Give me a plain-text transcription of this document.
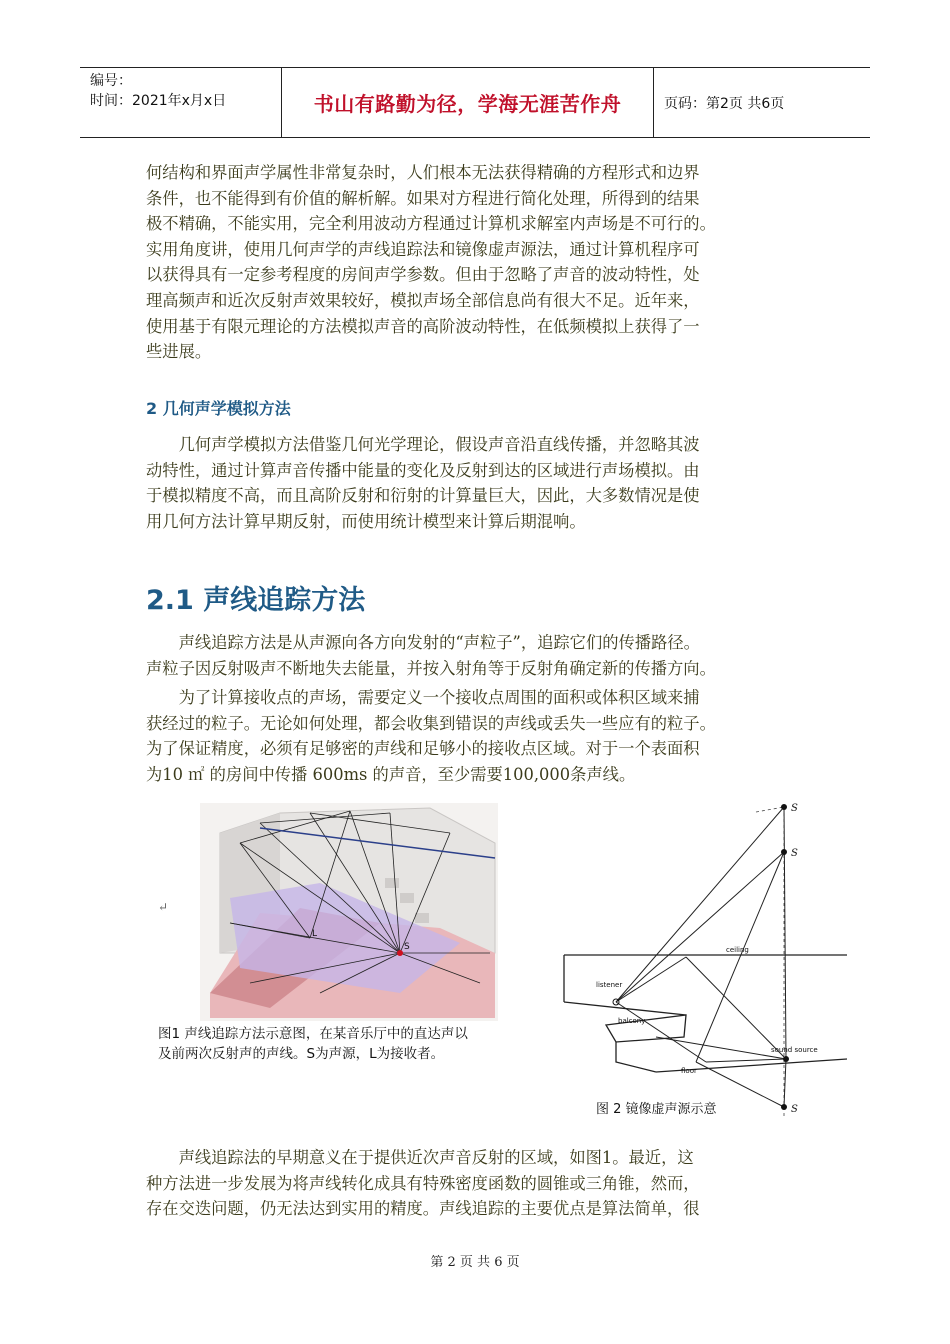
编号：
时间：2021年x月x日	书山有路勤为径，学海无涯苦作舟	页码：第2页 共6页

何结构和界面声学属性非常复杂时，人们根本无法获得精确的方程形式和边界

条件，也不能得到有价值的解析解。如果对方程进行简化处理，所得到的结果

极不精确，不能实用，完全利用波动方程通过计算机求解室内声场是不可行的。

实用角度讲，使用几何声学的声线追踪法和镜像虚声源法，通过计算机程序可

以获得具有一定参考程度的房间声学参数。但由于忽略了声音的波动特性，处

理高频声和近次反射声效果较好，模拟声场全部信息尚有很大不足。近年来，

使用基于有限元理论的方法模拟声音的高阶波动特性，在低频模拟上获得了一

些进展。

2 几何声学模拟方法

　　几何声学模拟方法借鉴几何光学理论，假设声音沿直线传播，并忽略其波

动特性，通过计算声音传播中能量的变化及反射到达的区域进行声场模拟。由

于模拟精度不高，而且高阶反射和衍射的计算量巨大，因此，大多数情况是使

用几何方法计算早期反射，而使用统计模型来计算后期混响。

2.1 声线追踪方法

　　声线追踪方法是从声源向各方向发射的“声粒子”，追踪它们的传播路径。

声粒子因反射吸声不断地失去能量，并按入射角等于反射角确定新的传播方向。

　　为了计算接收点的声场，需要定义一个接收点周围的面积或体积区域来捕

获经过的粒子。无论如何处理，都会收集到错误的声线或丢失一些应有的粒子。

为了保证精度，必须有足够密的声线和足够小的接收点区域。对于一个表面积

为10 ㎡ 的房间中传播 600ms 的声音，至少需要100,000条声线。

↵
S
L
图1 声线追踪方法示意图，在某音乐厅中的直达声以
及前两次反射声的声线。S为声源，L为接收者。
S
S
ceiling
listener
balcony
floor
sound source
S
图 2 镜像虚声源示意

　　声线追踪法的早期意义在于提供近次声音反射的区域，如图1。最近，这

种方法进一步发展为将声线转化成具有特殊密度函数的圆锥或三角锥，然而，

存在交迭问题，仍无法达到实用的精度。声线追踪的主要优点是算法简单，很

第 2 页 共 6 页
